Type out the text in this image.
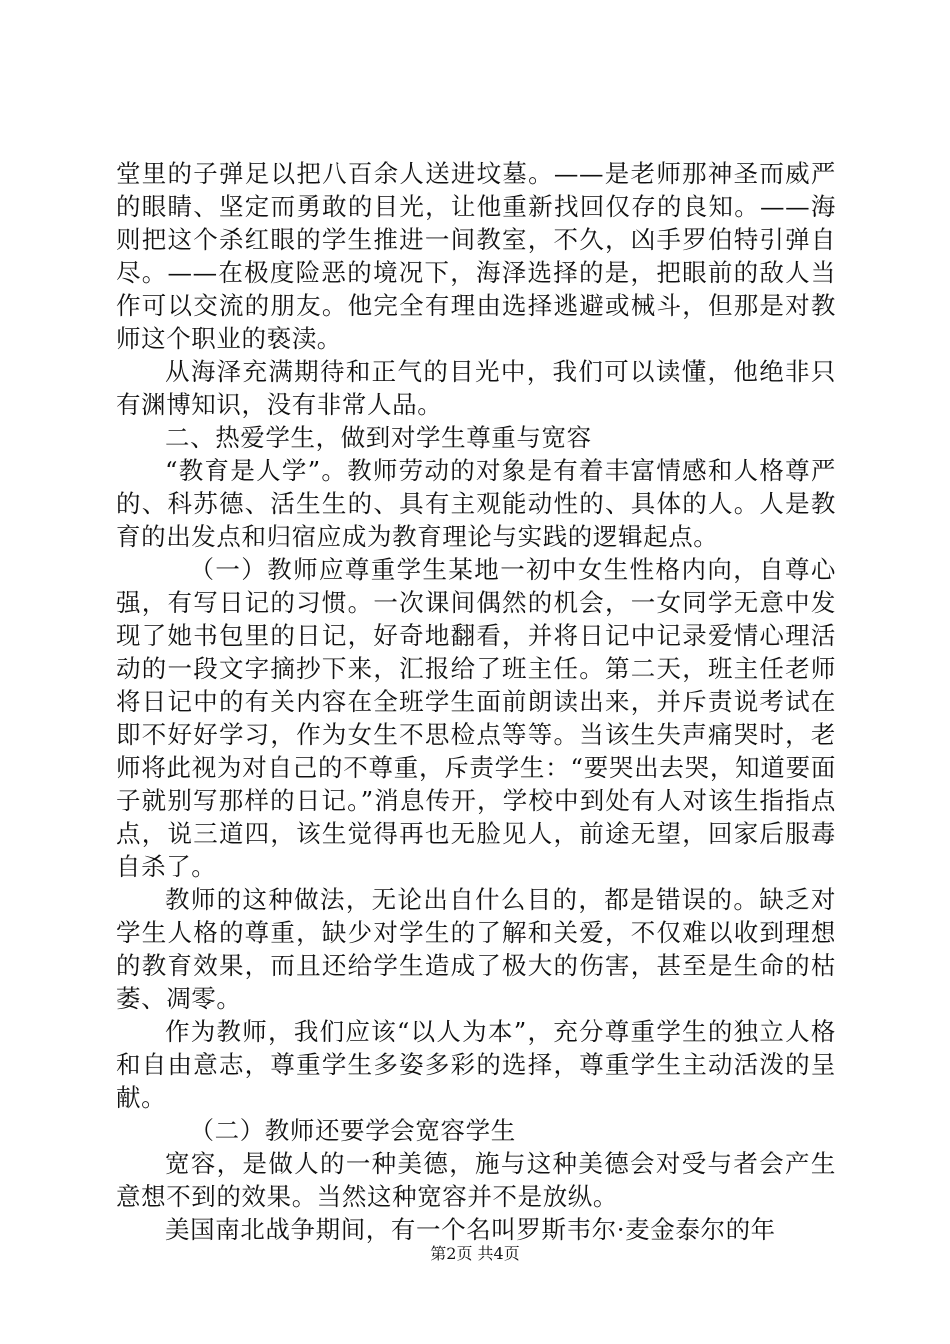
堂里的子弹足以把八百余人送进坟墓。——是老师那神圣而威严的眼睛、坚定而勇敢的目光，让他重新找回仅存的良知。——海则把这个杀红眼的学生推进一间教室，不久，凶手罗伯特引弹自尽。——在极度险恶的境况下，海泽选择的是，把眼前的敌人当作可以交流的朋友。他完全有理由选择逃避或械斗，但那是对教师这个职业的亵渎。

从海泽充满期待和正气的目光中，我们可以读懂，他绝非只有渊博知识，没有非常人品。

二、热爱学生，做到对学生尊重与宽容

“教育是人学”。教师劳动的对象是有着丰富情感和人格尊严的、科苏德、活生生的、具有主观能动性的、具体的人。人是教育的出发点和归宿应成为教育理论与实践的逻辑起点。

（一）教师应尊重学生某地一初中女生性格内向，自尊心强，有写日记的习惯。一次课间偶然的机会，一女同学无意中发现了她书包里的日记，好奇地翻看，并将日记中记录爱情心理活动的一段文字摘抄下来，汇报给了班主任。第二天，班主任老师将日记中的有关内容在全班学生面前朗读出来，并斥责说考试在即不好好学习，作为女生不思检点等等。当该生失声痛哭时，老师将此视为对自己的不尊重，斥责学生：“要哭出去哭，知道要面子就别写那样的日记。”消息传开，学校中到处有人对该生指指点点，说三道四，该生觉得再也无脸见人，前途无望，回家后服毒自杀了。

教师的这种做法，无论出自什么目的，都是错误的。缺乏对学生人格的尊重，缺少对学生的了解和关爱，不仅难以收到理想的教育效果，而且还给学生造成了极大的伤害，甚至是生命的枯萎、凋零。

作为教师，我们应该“以人为本”，充分尊重学生的独立人格和自由意志，尊重学生多姿多彩的选择，尊重学生主动活泼的呈献。

（二）教师还要学会宽容学生

宽容，是做人的一种美德，施与这种美德会对受与者会产生意想不到的效果。当然这种宽容并不是放纵。

美国南北战争期间，有一个名叫罗斯韦尔·麦金泰尔的年

第2页 共4页
